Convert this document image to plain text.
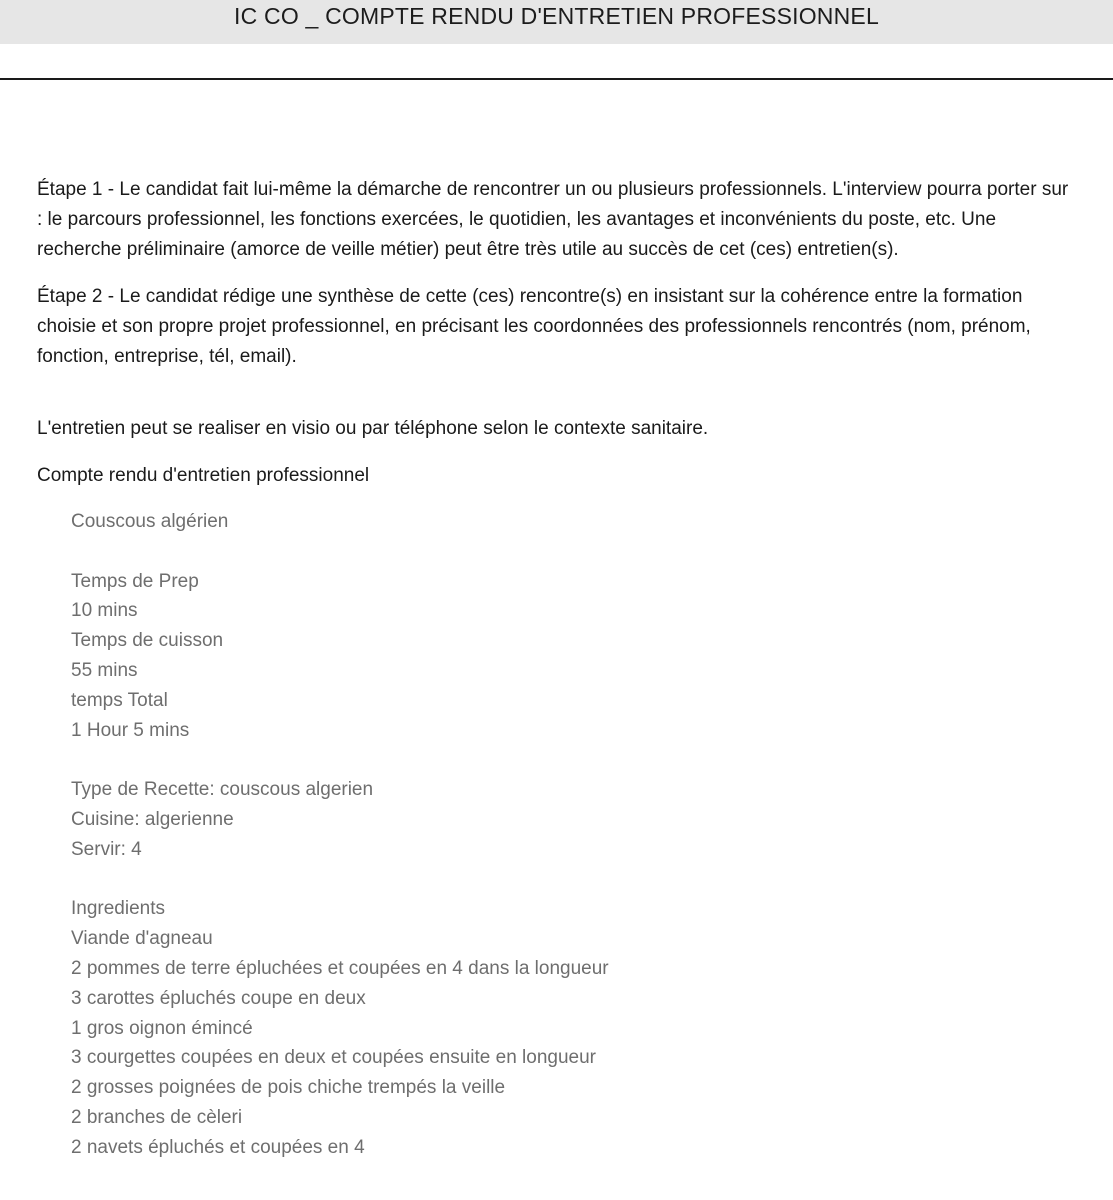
IC CO _ COMPTE RENDU D'ENTRETIEN PROFESSIONNEL

Étape 1 - Le candidat fait lui-même la démarche de rencontrer un ou plusieurs professionnels. L'interview pourra porter sur : le parcours professionnel, les fonctions exercées, le quotidien, les avantages et inconvénients du poste, etc. Une recherche préliminaire (amorce de veille métier) peut être très utile au succès de cet (ces) entretien(s).

Étape 2 - Le candidat rédige une synthèse de cette (ces) rencontre(s) en insistant sur la cohérence entre la formation choisie et son propre projet professionnel, en précisant les coordonnées des professionnels rencontrés (nom, prénom, fonction, entreprise, tél, email).

L'entretien peut se realiser en visio ou par téléphone selon le contexte sanitaire.

Compte rendu d'entretien professionnel
Couscous algérien
Temps de Prep
10 mins
Temps de cuisson
55 mins
temps Total
1 Hour 5 mins
Type de Recette: couscous algerien
Cuisine: algerienne
Servir: 4
Ingredients
Viande d'agneau
2 pommes de terre épluchées et coupées en 4 dans la longueur
3 carottes épluchés coupe en deux
1 gros oignon émincé
3 courgettes coupées en deux et coupées ensuite en longueur
2 grosses poignées de pois chiche trempés la veille
2 branches de cèleri
2 navets épluchés et coupées en 4
